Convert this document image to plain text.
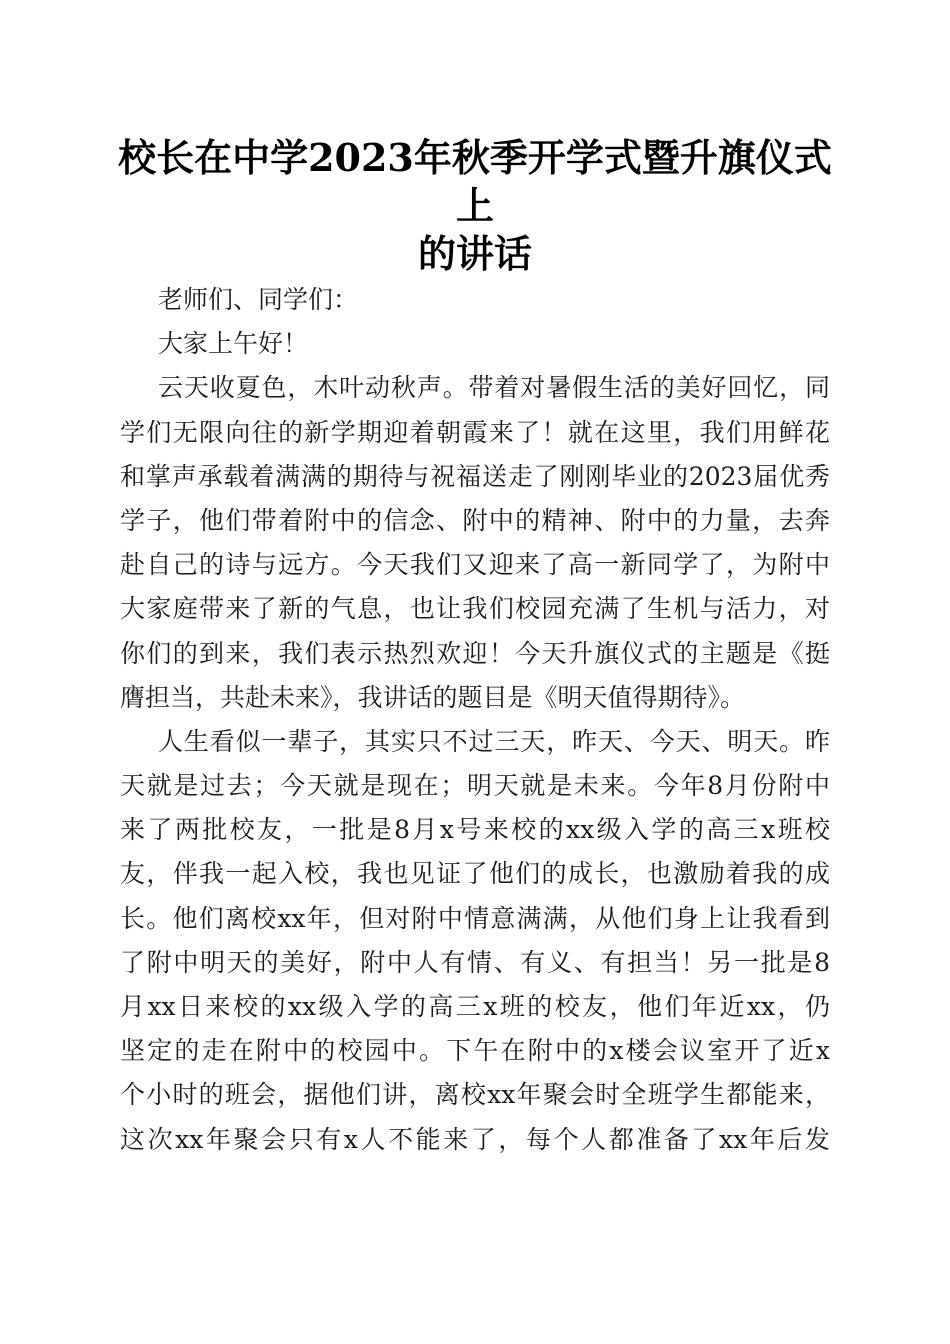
校长在中学2023年秋季开学式暨升旗仪式上
的讲话
老师们、同学们：
大家上午好！
云天收夏色，木叶动秋声。带着对暑假生活的美好回忆，同
学们无限向往的新学期迎着朝霞来了！就在这里，我们用鲜花
和掌声承载着满满的期待与祝福送走了刚刚毕业的2023届优秀
学子，他们带着附中的信念、附中的精神、附中的力量，去奔
赴自己的诗与远方。今天我们又迎来了高一新同学了，为附中
大家庭带来了新的气息，也让我们校园充满了生机与活力，对
你们的到来，我们表示热烈欢迎！今天升旗仪式的主题是《挺
膺担当，共赴未来》，我讲话的题目是《明天值得期待》。
人生看似一辈子，其实只不过三天，昨天、今天、明天。昨
天就是过去；今天就是现在；明天就是未来。今年8月份附中
来了两批校友，一批是8月x号来校的xx级入学的高三x班校
友，伴我一起入校，我也见证了他们的成长，也激励着我的成
长。他们离校xx年，但对附中情意满满，从他们身上让我看到
了附中明天的美好，附中人有情、有义、有担当！另一批是8
月xx日来校的xx级入学的高三x班的校友，他们年近xx，仍
坚定的走在附中的校园中。下午在附中的x楼会议室开了近x
个小时的班会，据他们讲，离校xx年聚会时全班学生都能来，
这次xx年聚会只有x人不能来了，每个人都准备了xx年后发
